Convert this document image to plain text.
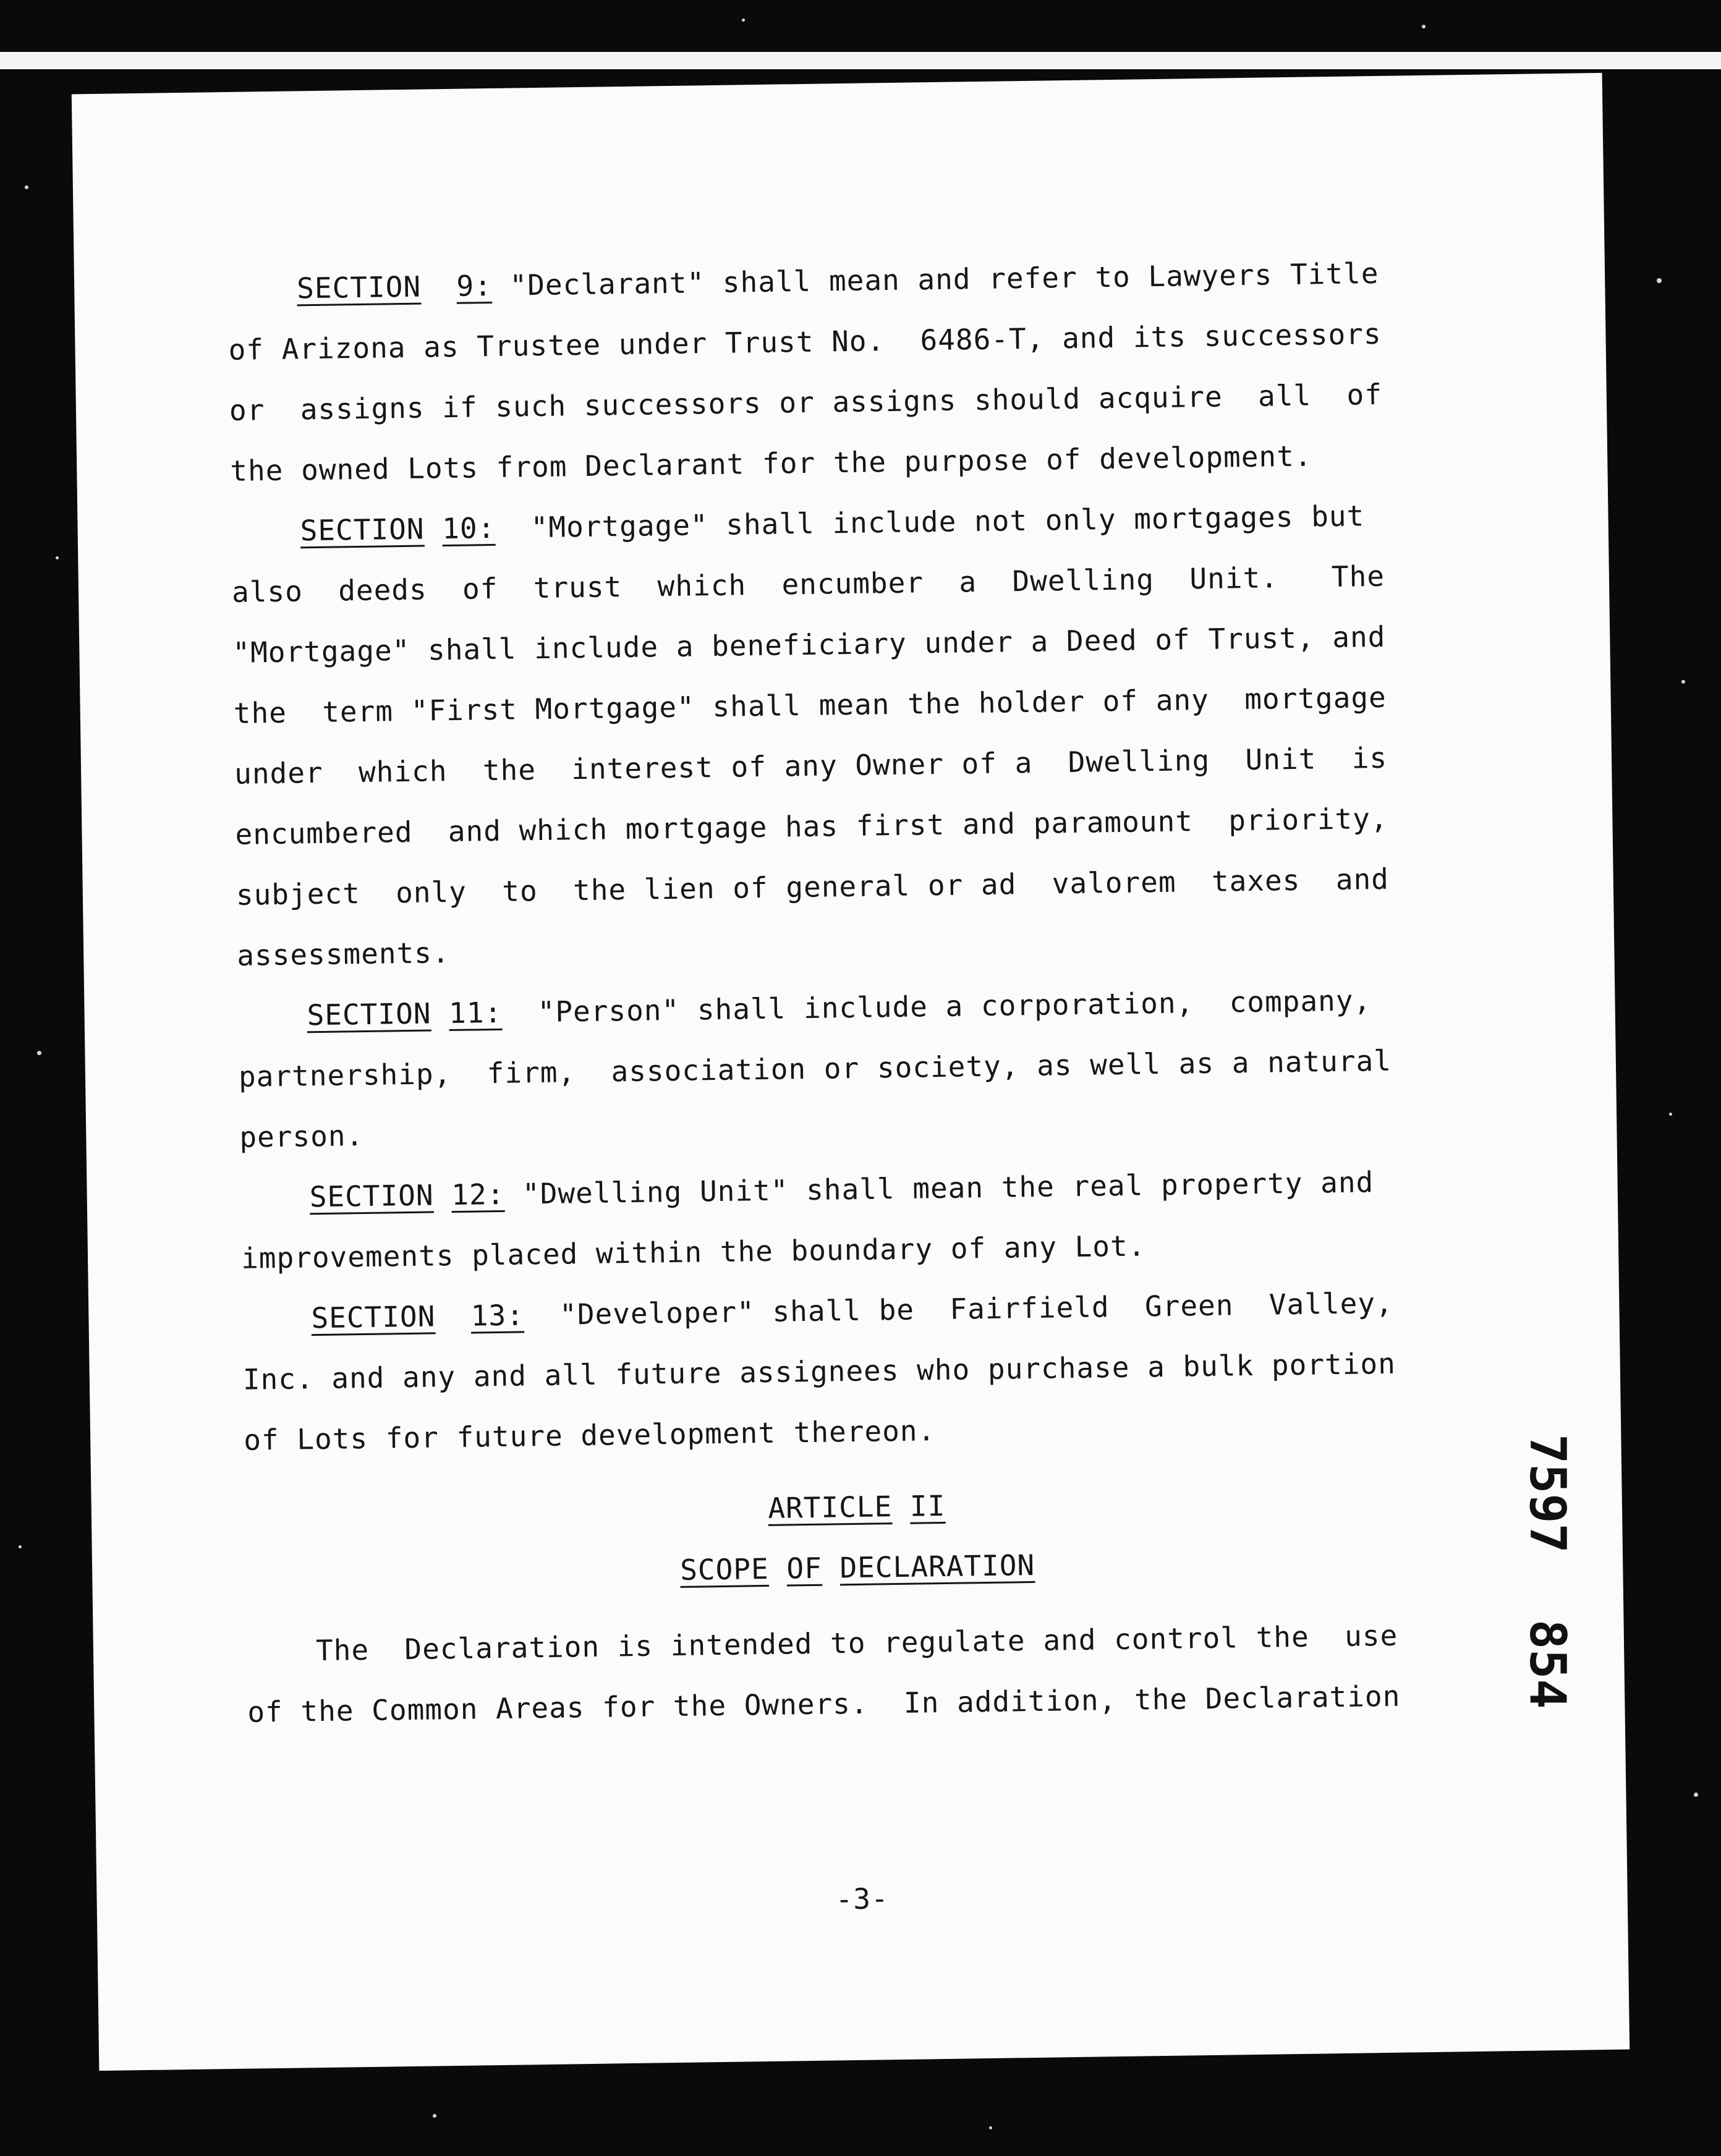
SECTION 9: "Declarant" shall mean and refer to Lawyers Title
of Arizona as Trustee under Trust No.  6486-T, and its successors
or  assigns if such successors or assigns should acquire  all  of
the owned Lots from Declarant for the purpose of development.
SECTION 10: "Mortgage" shall include not only mortgages but
also  deeds  of  trust  which  encumber  a  Dwelling  Unit.   The
"Mortgage" shall include a beneficiary under a Deed of Trust, and
the  term "First Mortgage" shall mean the holder of any  mortgage
under  which  the  interest of any Owner of a  Dwelling  Unit  is
encumbered  and which mortgage has first and paramount  priority,
subject  only  to  the lien of general or ad  valorem  taxes  and
assessments.
SECTION 11: "Person" shall include a corporation,  company,
partnership,  firm,  association or society, as well as a natural
person.
SECTION 12: "Dwelling Unit" shall mean the real property and
improvements placed within the boundary of any Lot.
SECTION 13: "Developer" shall be  Fairfield  Green  Valley,
Inc. and any and all future assignees who purchase a bulk portion
of Lots for future development thereon.
ARTICLE II
SCOPE OF DECLARATION
The  Declaration is intended to regulate and control the  use
of the Common Areas for the Owners.  In addition, the Declaration
-3-
7597
854
